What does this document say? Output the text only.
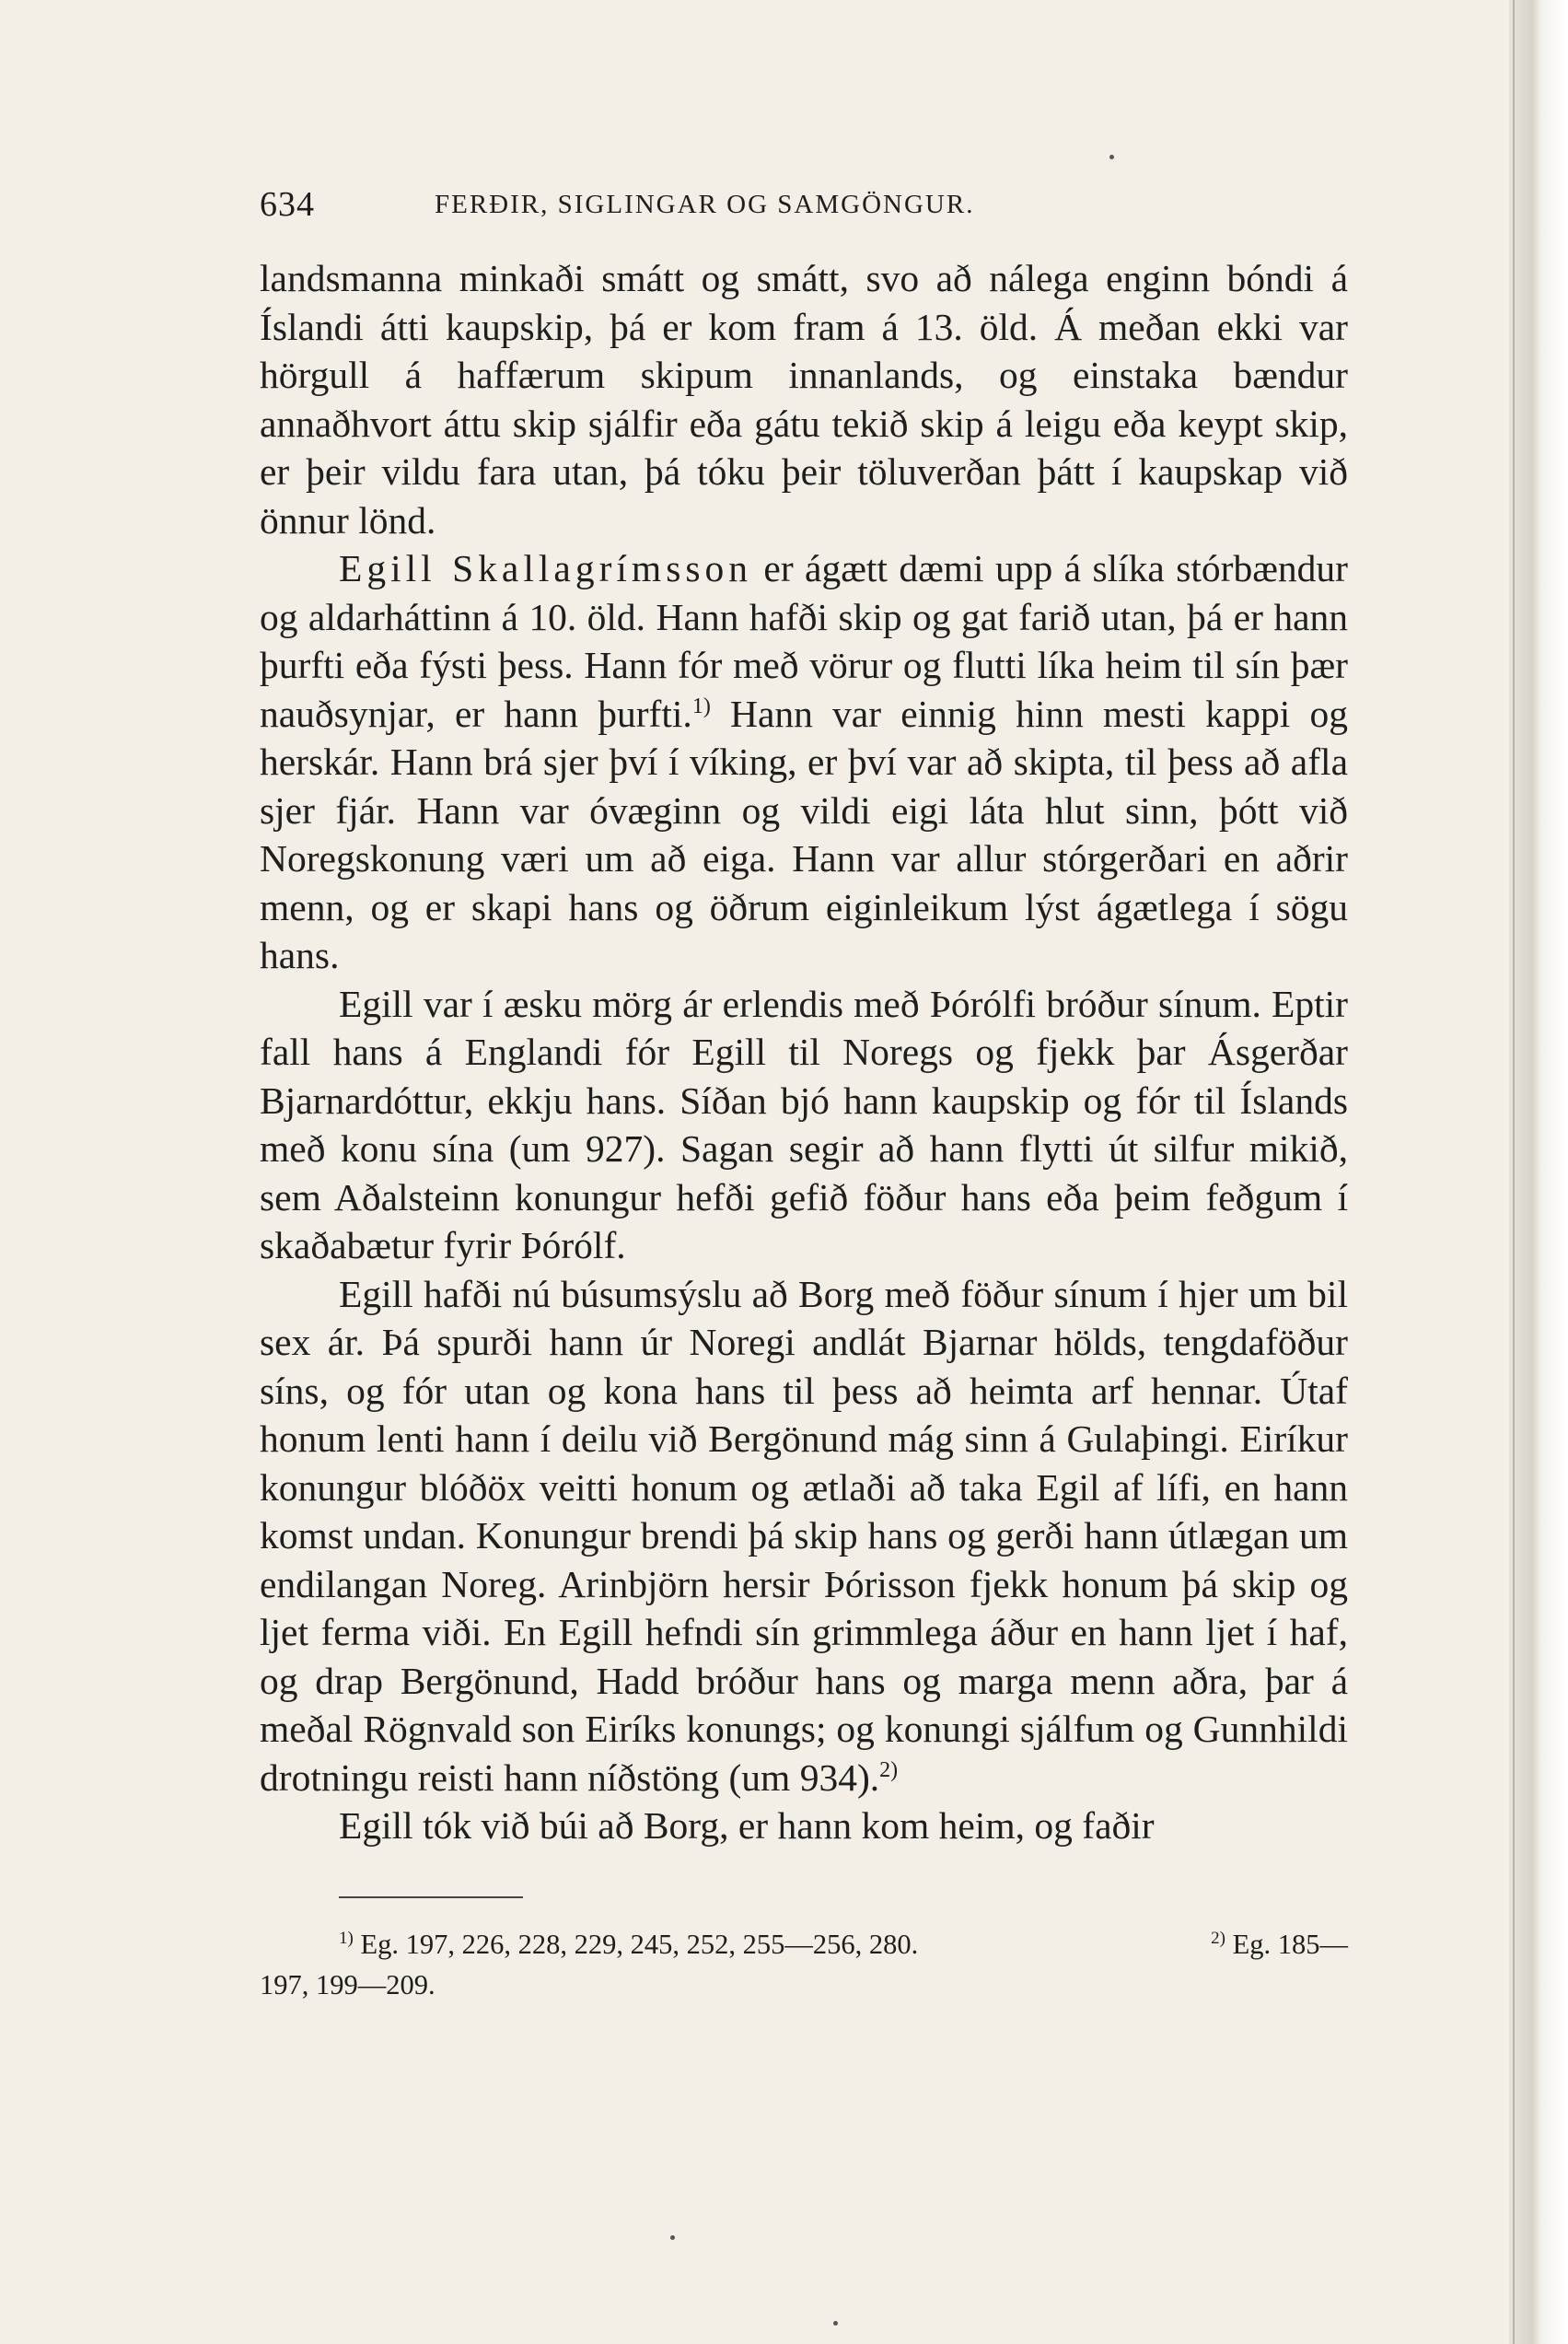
634	FERÐIR, SIGLINGAR OG SAMGÖNGUR.

landsmanna minkaði smátt og smátt, svo að nálega enginn bóndi á Íslandi átti kaupskip, þá er kom fram á 13. öld. Á meðan ekki var hörgull á haffærum skipum innanlands, og einstaka bændur annaðhvort áttu skip sjálfir eða gátu tekið skip á leigu eða keypt skip, er þeir vildu fara utan, þá tóku þeir töluverðan þátt í kaupskap við önnur lönd.

Egill Skallagrímsson er ágætt dæmi upp á slíka stórbændur og aldarháttinn á 10. öld. Hann hafði skip og gat farið utan, þá er hann þurfti eða fýsti þess. Hann fór með vörur og flutti líka heim til sín þær nauðsynjar, er hann þurfti.$^{1)}$ Hann var einnig hinn mesti kappi og herskár. Hann brá sjer því í víking, er því var að skipta, til þess að afla sjer fjár. Hann var óvæginn og vildi eigi láta hlut sinn, þótt við Noregskonung væri um að eiga. Hann var allur stórgerðari en aðrir menn, og er skapi hans og öðrum eiginleikum lýst ágætlega í sögu hans.

Egill var í æsku mörg ár erlendis með Þórólfi bróður sínum. Eptir fall hans á Englandi fór Egill til Noregs og fjekk þar Ásgerðar Bjarnardóttur, ekkju hans. Síðan bjó hann kaupskip og fór til Íslands með konu sína (um 927). Sagan segir að hann flytti út silfur mikið, sem Aðalsteinn konungur hefði gefið föður hans eða þeim feðgum í skaðabætur fyrir Þórólf.

Egill hafði nú búsumsýslu að Borg með föður sínum í hjer um bil sex ár. Þá spurði hann úr Noregi andlát Bjarnar hölds, tengdaföður síns, og fór utan og kona hans til þess að heimta arf hennar. Útaf honum lenti hann í deilu við Bergönund mág sinn á Gulaþingi. Eiríkur konungur blóðöx veitti honum og ætlaði að taka Egil af lífi, en hann komst undan. Konungur brendi þá skip hans og gerði hann útlægan um endilangan Noreg. Arinbjörn hersir Þórisson fjekk honum þá skip og ljet ferma viði. En Egill hefndi sín grimmlega áður en hann ljet í haf, og drap Bergönund, Hadd bróður hans og marga menn aðra, þar á meðal Rögnvald son Eiríks konungs; og konungi sjálfum og Gunnhildi drotningu reisti hann níðstöng (um 934).$^{2)}$

Egill tók við búi að Borg, er hann kom heim, og faðir

$^{1)}$ Eg. 197, 226, 228, 229, 245, 252, 255—256, 280.	$^{2)}$ Eg. 185—
197, 199—209.
